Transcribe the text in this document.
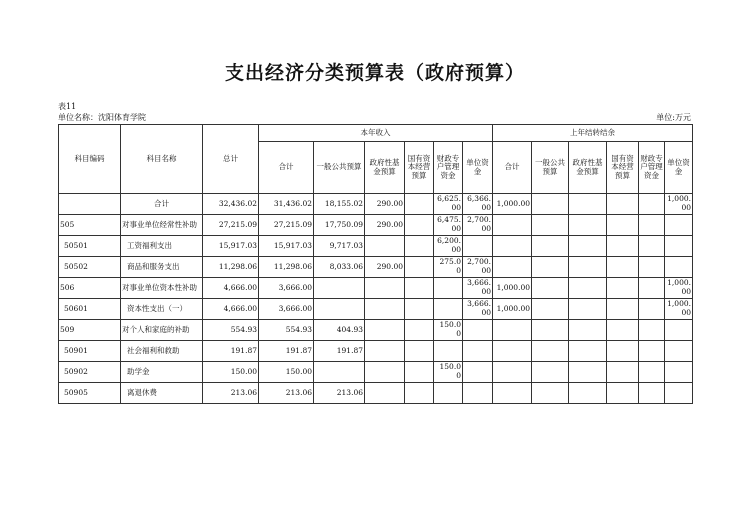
支出经济分类预算表（政府预算）
表11
单位名称：沈阳体育学院	单位:万元
科目编码	科目名称	总计	本年收入						上年结转结余					
			合计	一般公共预算	政府性基金预算	国有资本经营预算	财政专户管理资金	单位资金	合计	一般公共预算	政府性基金预算	国有资本经营预算	财政专户管理资金	单位资金
	合计	32,436.02	31,436.02	18,155.02	290.00		6,625.00	6,366.00	1,000.00					1,000.00
505	对事业单位经常性补助	27,215.09	27,215.09	17,750.09	290.00		6,475.00	2,700.00						
50501	工资福利支出	15,917.03	15,917.03	9,717.03			6,200.00							
50502	商品和服务支出	11,298.06	11,298.06	8,033.06	290.00		275.00	2,700.00						
506	对事业单位资本性补助	4,666.00	3,666.00					3,666.00	1,000.00					1,000.00
50601	资本性支出（一）	4,666.00	3,666.00					3,666.00	1,000.00					1,000.00
509	对个人和家庭的补助	554.93	554.93	404.93			150.00							
50901	社会福利和救助	191.87	191.87	191.87										
50902	助学金	150.00	150.00				150.00							
50905	离退休费	213.06	213.06	213.06										
